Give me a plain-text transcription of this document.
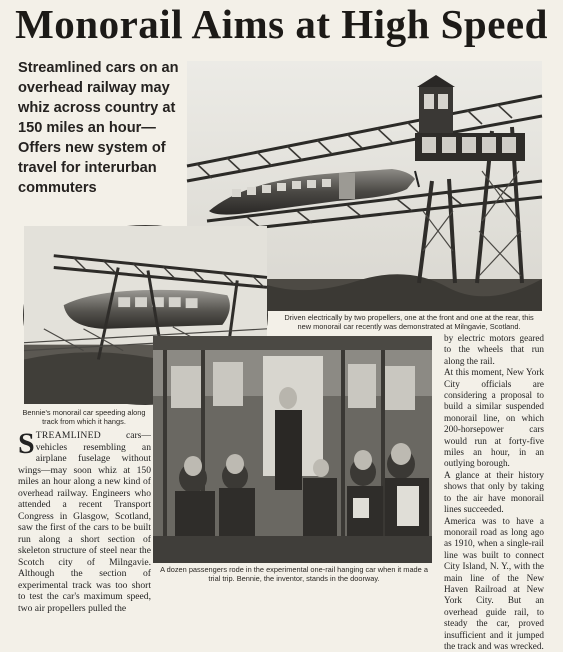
Monorail Aims at High Speed
Streamlined cars on an overhead railway may whiz across country at 150 miles an hour—Offers new system of travel for interurban commuters
Driven electrically by two propellers, one at the front and one at the rear, this new monorail car recently was demonstrated at Milngavie, Scotland.
Bennie's monorail car speeding along track from which it hangs.
A dozen passengers rode in the experimental one-rail hanging car when it made a trial trip. Bennie, the inventor, stands in the doorway.
STREAMLINED cars—vehicles resembling an airplane fuselage without wings—may soon whiz at 150 miles an hour along a new kind of overhead railway. Engineers who attended a recent Transport Congress in Glasgow, Scotland, saw the first of the cars to be built run along a short section of skeleton structure of steel near the Scotch city of Milngavie. Although the section of experimental track was too short to test the car's maximum speed, two air propellers pulled the
by electric motors geared to the wheels that run along the rail.
At this moment, New York City officials are considering a proposal to build a similar suspended monorail line, on which 200-horsepower cars would run at forty-five miles an hour, in an outlying borough.
A glance at their history shows that only by taking to the air have monorail lines succeeded.
America was to have a monorail road as long ago as 1910, when a single-rail line was built to connect City Island, N. Y., with the main line of the New Haven Railroad at New York City. But an overhead guide rail, to steady the car, proved insufficient and it jumped the track and was wrecked.
